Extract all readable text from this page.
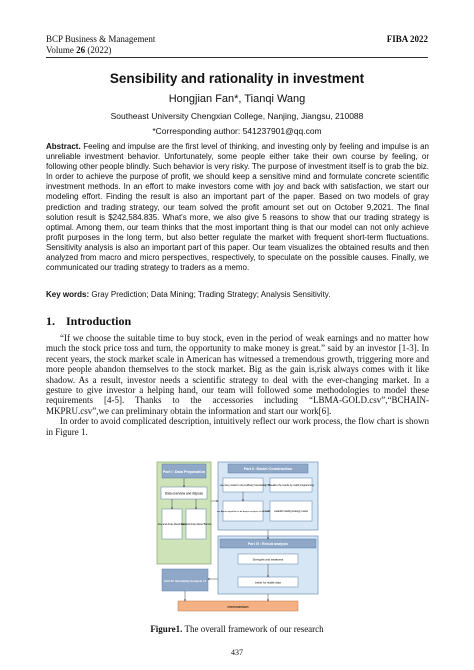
BCP Business & Management
Volume 26 (2022)
FIBA 2022
Sensibility and rationality in investment
Hongjian Fan*, Tianqi Wang
Southeast University Chengxian College, Nanjing, Jiangsu, 210088
*Corresponding author: 541237901@qq.com
Abstract. Feeling and impulse are the first level of thinking, and investing only by feeling and impulse is an unreliable investment behavior. Unfortunately, some people either take their own course by feeling, or following other people blindly. Such behavior is very risky. The purpose of investment itself is to grab the biz. In order to achieve the purpose of profit, we should keep a sensitive mind and formulate concrete scientific investment methods. In an effort to make investors come with joy and back with satisfaction, we start our modeling effort. Finding the result is also an important part of the paper. Based on two models of gray prediction and trading strategy, our team solved the profit amount set out on October 9,2021. The final solution result is $242,584.835. What's more, we also give 5 reasons to show that our trading strategy is optimal. Among them, our team thinks that the most important thing is that our model can not only achieve profit purposes in the long term, but also better regulate the market with frequent short-term fluctuations. Sensitivity analysis is also an important part of this paper. Our team visualizes the obtained results and then analyzed from macro and micro perspectives, respectively, to speculate on the possible causes. Finally, we communicated our trading strategy to traders as a memo.
Key words: Gray Prediction; Data Mining; Trading Strategy; Analysis Sensitivity.
1. Introduction

“If we choose the suitable time to buy stock, even in the period of weak earnings and no matter how much the stock price toss and turn, the opportunity to make money is great.” said by an investor [1-3]. In recent years, the stock market scale in American has witnessed a tremendous growth, triggering more and more people abandon themselves to the stock market. Big as the gain is,risk always comes with it like shadow. As a result, investor needs a scientific strategy to deal with the ever-changing market. In a gesture to give investor a helping hand, our team will followed some methodologies to model these requirements [4-5]. Thanks to the accessories including “LBMA-GOLD.csv”,“BCHAIN-MKPRU.csv”,we can preliminary obtain the information and start our work[6].

In order to avoid complicated description, intuitively reflect our work process, the flow chart is shown in Figure 1.

Part I :Data Preparation
Data overview and dispose
rise and drop about Gold
rise and drop about Bitcoin
Part II :Model Construction
use Grey model to do prelilinary forecasting Visualize the results by matlb programming
use Apriori algorithm to do deeper analysis of the data	establish trading strategy model
Part III : Result analysis
Strengths and weakness
better for stable data
Part IV: Sensitivity Analysis of
memorandum
Figure1. The overall framework of our research
437
